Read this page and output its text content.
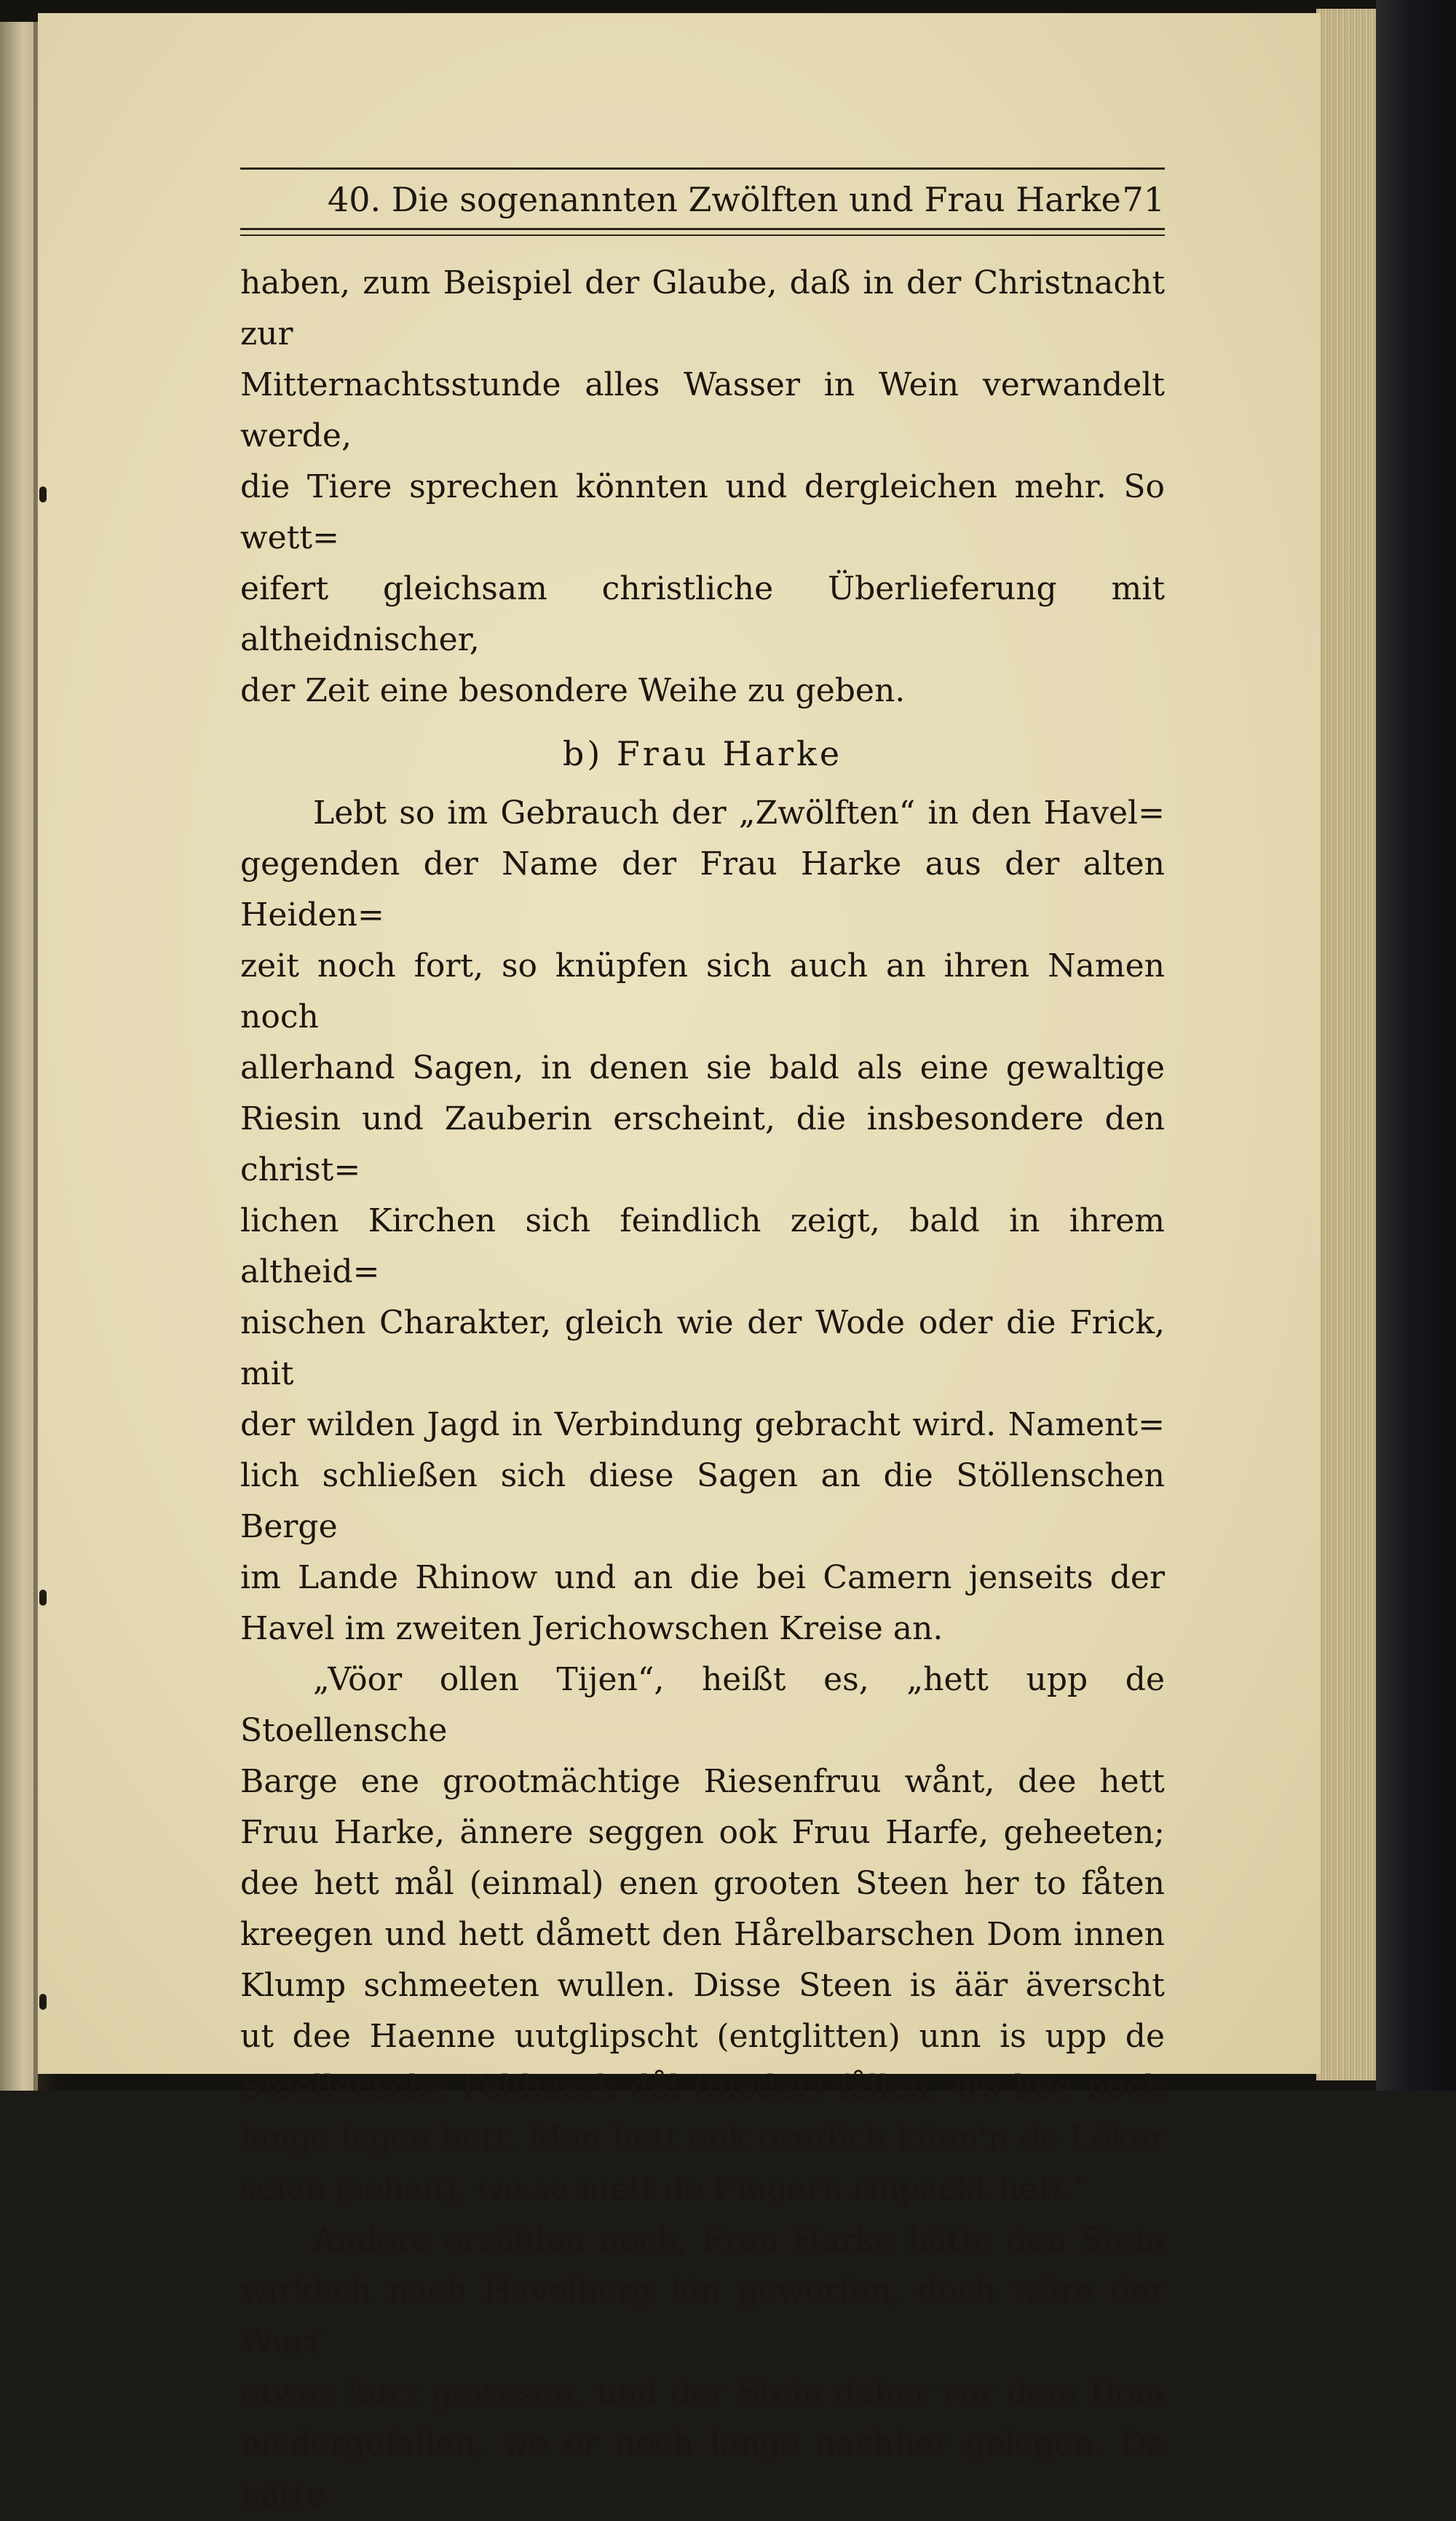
40. Die sogenannten Zwölften und Frau Harke 71

haben, zum Beispiel der Glaube, daß in der Christnacht zur

Mitternachtsstunde alles Wasser in Wein verwandelt werde,

die Tiere sprechen könnten und dergleichen mehr. So wett=

eifert gleichsam christliche Überlieferung mit altheidnischer,

der Zeit eine besondere Weihe zu geben.

b) Frau Harke

Lebt so im Gebrauch der „Zwölften“ in den Havel=

gegenden der Name der Frau Harke aus der alten Heiden=

zeit noch fort, so knüpfen sich auch an ihren Namen noch

allerhand Sagen, in denen sie bald als eine gewaltige

Riesin und Zauberin erscheint, die insbesondere den christ=

lichen Kirchen sich feindlich zeigt, bald in ihrem altheid=

nischen Charakter, gleich wie der Wode oder die Frick, mit

der wilden Jagd in Verbindung gebracht wird. Nament=

lich schließen sich diese Sagen an die Stöllenschen Berge

im Lande Rhinow und an die bei Camern jenseits der

Havel im zweiten Jerichowschen Kreise an.

„Vöor ollen Tijen“, heißt es, „hett upp de Stoellensche

Barge ene grootmächtige Riesenfruu wånt, dee hett

Fruu Harke, ännere seggen ook Fruu Harfe, geheeten;

dee hett mål (einmal) enen grooten Steen her to fåten

kreegen und hett dåmett den Hårelbarschen Dom innen

Klump schmeeten wullen. Disse Steen is äär äverscht

ut dee Haenne uutglipscht (entglitten) unn is upp de

Stoellensche Feldmark dål (nieder) fållen, wo hee noch

lange legen hett. Man hett ook orntlich künn'n de Löker

seien (sehen), wo se mett de Fingern rinpackt hett.“

Andere erzählen noch, Frau Harke hätte den Stein

wirklich nach Havelberg hin geworfen, doch wäre der Wurf

etwas kurz gewesen, und der Stein daher vor dem Dom

niedergefallen, wo er noch lange nachher gelegen. Da hätte
